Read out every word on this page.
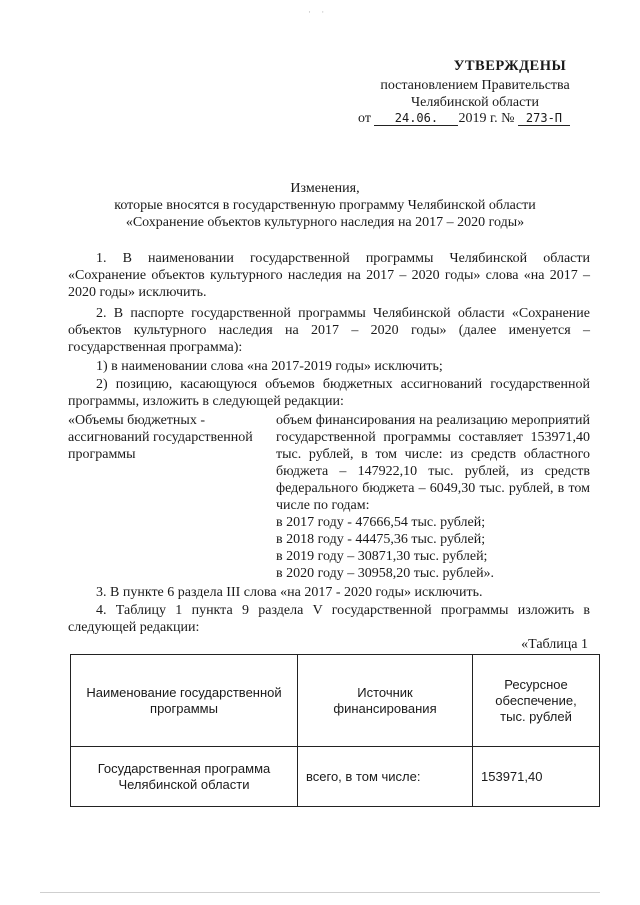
· ·
УТВЕРЖДЕНЫ
постановлением Правительства
Челябинской области
от 24.06. 2019 г. № 273-П
Изменения,
которые вносятся в государственную программу Челябинской области
«Сохранение объектов культурного наследия на 2017 – 2020 годы»
1. В наименовании государственной программы Челябинской области «Сохранение объектов культурного наследия на 2017 – 2020 годы» слова «на 2017 – 2020 годы» исключить.
2. В паспорте государственной программы Челябинской области «Сохранение объектов культурного наследия на 2017 – 2020 годы» (далее именуется – государственная программа):
1) в наименовании слова «на 2017-2019 годы» исключить;
2) позицию, касающуюся объемов бюджетных ассигнований государственной программы, изложить в следующей редакции:
«Объемы бюджетных - ассигнований государственной программы
объем финансирования на реализацию мероприятий государственной программы составляет 153971,40 тыс. рублей, в том числе: из средств областного бюджета – 147922,10 тыс. рублей, из средств федерального бюджета – 6049,30 тыс. рублей, в том числе по годам:
в 2017 году - 47666,54 тыс. рублей;
в 2018 году - 44475,36 тыс. рублей;
в 2019 году – 30871,30 тыс. рублей;
в 2020 году – 30958,20 тыс. рублей».
3. В пункте 6 раздела III слова «на 2017 - 2020 годы» исключить.
4. Таблицу 1 пункта 9 раздела V государственной программы изложить в следующей редакции:
«Таблица 1
Наименование государственной программы	Источник финансирования	Ресурсное обеспечение, тыс. рублей
Государственная программа Челябинской области	всего, в том числе:	153971,40
